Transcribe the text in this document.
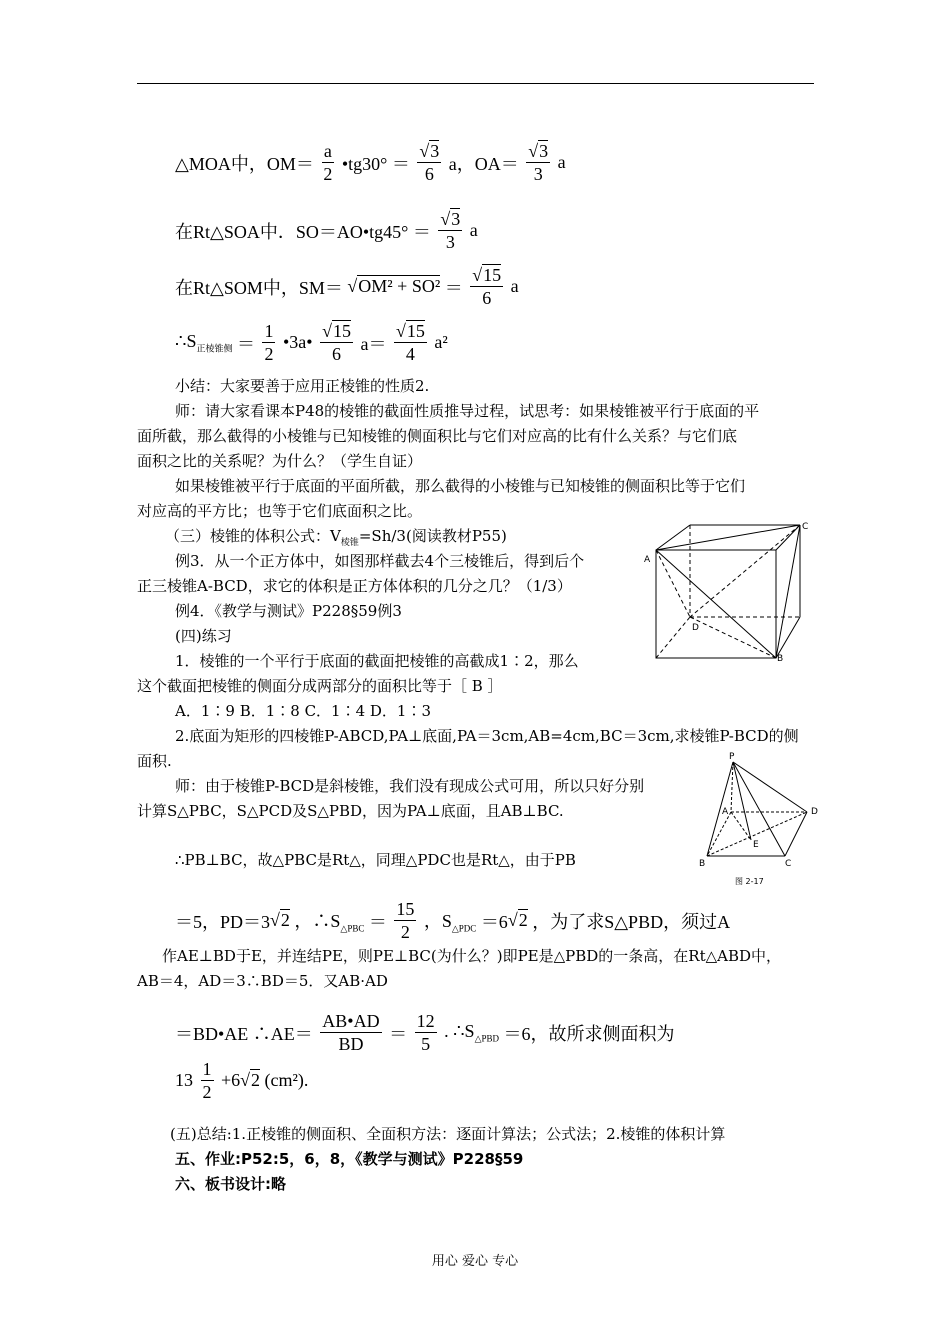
△MOA中，$OM= \frac{a}{2}$ •tg30° ＝ $\frac{√3}{6}$ a，$OA= \frac{√3}{3}$ a
在Rt△SOA中．SO＝AO•tg45° ＝ $\frac{√3}{3}$ a
在Rt△SOM中，$SM= √OM^2 + SO^2 = \frac{√15}{6}$ a
$\therefore S_{正棱锥侧} = \frac{1}{2}$ •3a• $\frac{√15}{6} a= \frac{√15}{4} a^2$
小结：大家要善于应用正棱锥的性质2.
师：请大家看课本P48的棱锥的截面性质推导过程，试思考：如果棱锥被平行于底面的平
面所截，那么截得的小棱锥与已知棱锥的侧面积比与它们对应高的比有什么关系？与它们底
面积之比的关系呢？为什么？（学生自证）
如果棱锥被平行于底面的平面所截，那么截得的小棱锥与已知棱锥的侧面积比等于它们
对应高的平方比；也等于它们底面积之比。
（三）棱锥的体积公式：$V_{棱锥}=Sh/3$(阅读教材P55)
例3．从一个正方体中，如图那样截去4个三棱锥后，得到后个
正三棱锥A-BCD，求它的体积是正方体体积的几分之几？（1/3）
例4．《教学与测试》P228§59例3
(四)练习
1．棱锥的一个平行于底面的截面把棱锥的高截成1∶2，那么
这个截面把棱锥的侧面分成两部分的面积比等于［ B ］
A．1∶9 B．1∶8 C．1∶4 D．1∶3
2.底面为矩形的四棱锥P-ABCD,PA⊥底面,PA＝3cm,AB=4cm,BC＝3cm,求棱锥P-BCD的侧
面积.
师：由于棱锥P-BCD是斜棱锥，我们没有现成公式可用，所以只好分别
计算S△PBC，S△PCD及S△PBD，因为PA⊥底面，且AB⊥BC.
∴PB⊥BC，故△PBC是Rt△，同理△PDC也是Rt△，由于PB
＝5，PD＝3√2 ，$\therefore S_{\triangle PBC} = \frac{15}{2}$ ，$S_{\triangle PDC} =6√2$ ，为了求S△PBD，须过A
作AE⊥BD于E，并连结PE，则PE⊥BC(为什么？)即PE是△PBD的一条高，在Rt△ABD中，
AB＝4，AD＝3∴BD＝5．又AB·AD
＝BD•AE ∴AE＝ $\frac{AB•AD}{BD} = \frac{12}{5}$ . $\therefore S_{\triangle PBD} =6$，故所求侧面积为
$13 \frac{1}{2} +6√2$ (cm²).
(五)总结:1.正棱锥的侧面积、全面积方法：逐面计算法；公式法；2.棱锥的体积计算
五、作业:P52:5，6，8，《教学与测试》P228§59
六、板书设计:略
A
C
D
B
P
A	D
E
B	C
图 2-17
用心 爱心 专心
